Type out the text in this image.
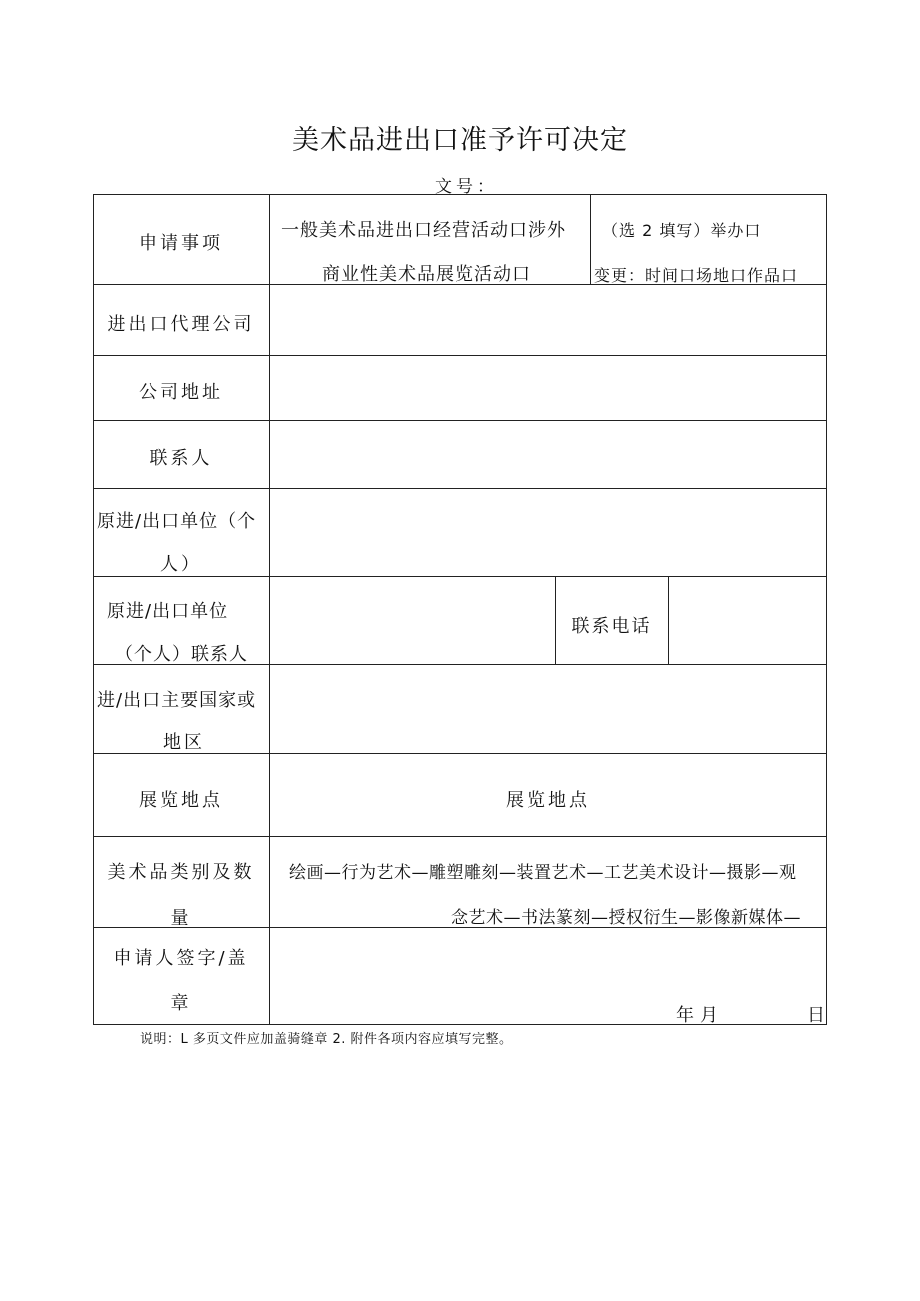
美术品进出口准予许可决定
文号：
申请事项
一般美术品进出口经营活动口涉外
商业性美术品展览活动口
（选 2 填写）举办口
变更：时间口场地口作品口
进出口代理公司
公司地址
联系人
原进/出口单位（个
人）
原进/出口单位
（个人）联系人
联系电话
进/出口主要国家或
地区
展览地点	展览地点
美术品类别及数
量
绘画—行为艺术—雕塑雕刻—装置艺术—工艺美术设计—摄影—观
念艺术—书法篆刻—授权衍生—影像新媒体—
申请人签字/盖
章
年月	日
说明：L 多页文件应加盖骑缝章 2. 附件各项内容应填写完整。
